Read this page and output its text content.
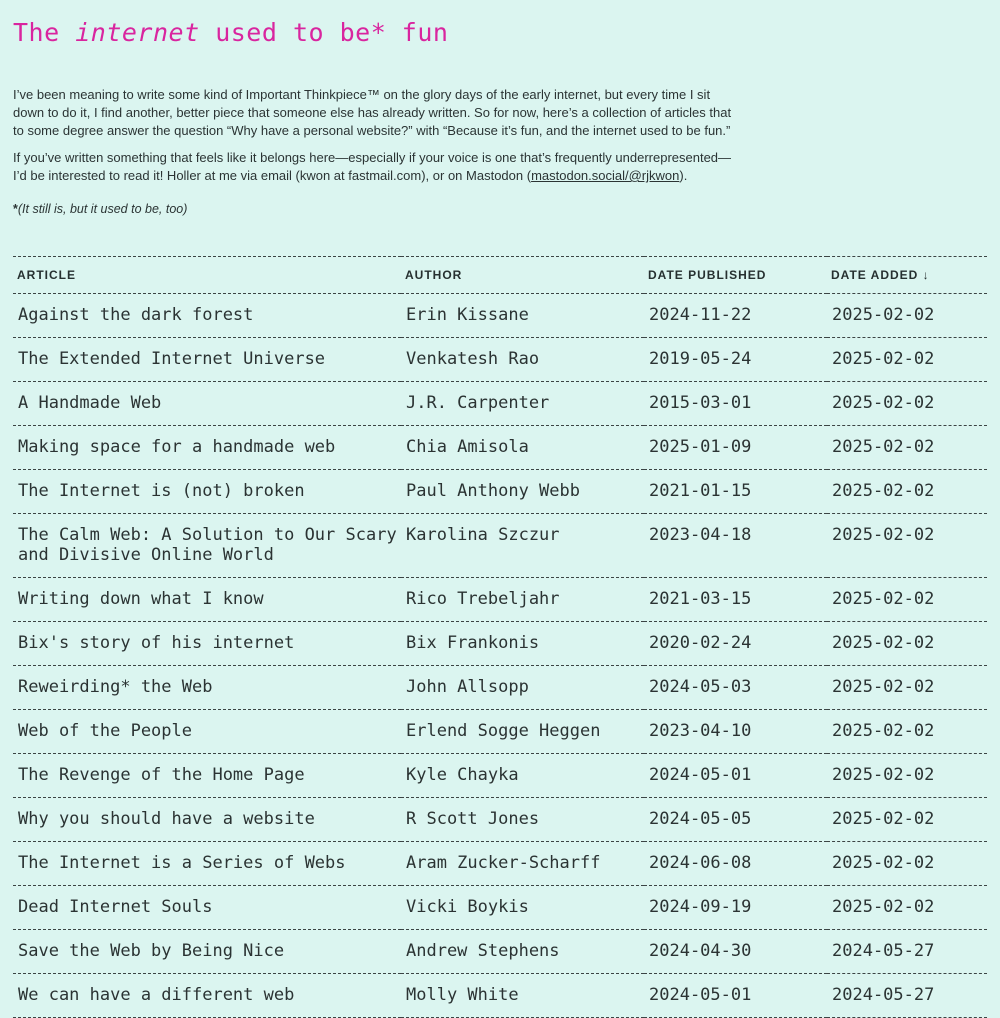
The internet used to be* fun

I’ve been meaning to write some kind of Important Thinkpiece™ on the glory days of the early internet, but every time I sit down to do it, I find another, better piece that someone else has already written. So for now, here’s a collection of articles that to some degree answer the question “Why have a personal website?” with “Because it’s fun, and the internet used to be fun.”

If you’ve written something that feels like it belongs here—especially if your voice is one that’s frequently underrepresented—I’d be interested to read it! Holler at me via email (kwon at fastmail.com), or on Mastodon (mastodon.social/@rjkwon).

*(It still is, but it used to be, too)

ARTICLE	AUTHOR	DATE PUBLISHED	DATE ADDED ↓
Against the dark forest	Erin Kissane	2024-11-22	2025-02-02
The Extended Internet Universe	Venkatesh Rao	2019-05-24	2025-02-02
A Handmade Web	J.R. Carpenter	2015-03-01	2025-02-02
Making space for a handmade web	Chia Amisola	2025-01-09	2025-02-02
The Internet is (not) broken	Paul Anthony Webb	2021-01-15	2025-02-02
The Calm Web: A Solution to Our Scary and Divisive Online World	Karolina Szczur	2023-04-18	2025-02-02
Writing down what I know	Rico Trebeljahr	2021-03-15	2025-02-02
Bix's story of his internet	Bix Frankonis	2020-02-24	2025-02-02
Reweirding* the Web	John Allsopp	2024-05-03	2025-02-02
Web of the People	Erlend Sogge Heggen	2023-04-10	2025-02-02
The Revenge of the Home Page	Kyle Chayka	2024-05-01	2025-02-02
Why you should have a website	R Scott Jones	2024-05-05	2025-02-02
The Internet is a Series of Webs	Aram Zucker-Scharff	2024-06-08	2025-02-02
Dead Internet Souls	Vicki Boykis	2024-09-19	2025-02-02
Save the Web by Being Nice	Andrew Stephens	2024-04-30	2024-05-27
We can have a different web	Molly White	2024-05-01	2024-05-27
